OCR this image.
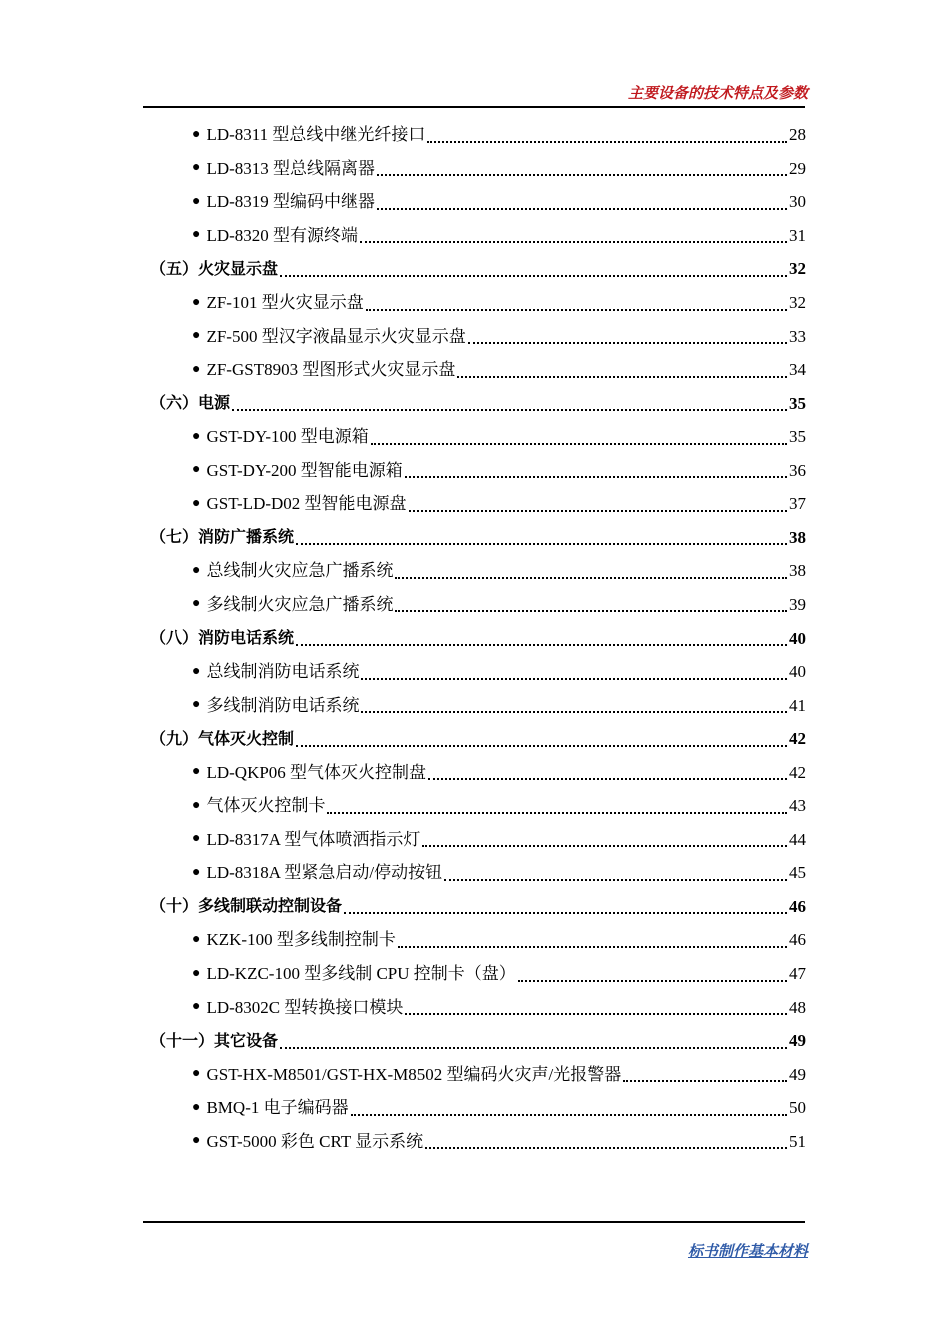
主要设备的技术特点及参数
● LD-8311 型总线中继光纤接口	28
● LD-8313 型总线隔离器	29
● LD-8319 型编码中继器	30
● LD-8320 型有源终端	31
（五）火灾显示盘	32
● ZF-101 型火灾显示盘	32
● ZF-500 型汉字液晶显示火灾显示盘	33
● ZF-GST8903 型图形式火灾显示盘	34
（六）电源	35
● GST-DY-100 型电源箱	35
● GST-DY-200 型智能电源箱	36
● GST-LD-D02 型智能电源盘	37
（七）消防广播系统	38
● 总线制火灾应急广播系统	38
● 多线制火灾应急广播系统	39
（八）消防电话系统	40
● 总线制消防电话系统	40
● 多线制消防电话系统	41
（九）气体灭火控制	42
● LD-QKP06 型气体灭火控制盘	42
● 气体灭火控制卡	43
● LD-8317A 型气体喷洒指示灯	44
● LD-8318A 型紧急启动/停动按钮	45
（十）多线制联动控制设备	46
● KZK-100 型多线制控制卡	46
● LD-KZC-100 型多线制 CPU 控制卡（盘）	47
● LD-8302C 型转换接口模块	48
（十一）其它设备	49
● GST-HX-M8501/GST-HX-M8502 型编码火灾声/光报警器	49
● BMQ-1 电子编码器	50
● GST-5000 彩色 CRT 显示系统	51
标书制作基本材料
